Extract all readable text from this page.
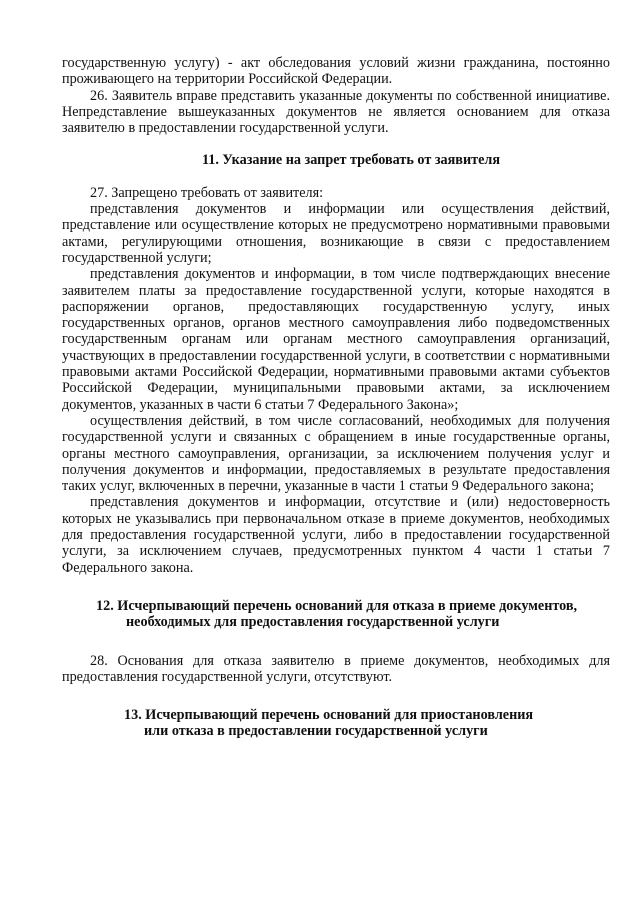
государственную услугу) - акт обследования условий жизни гражданина, постоянно проживающего на территории Российской Федерации.

26. Заявитель вправе представить указанные документы по собственной инициативе. Непредставление вышеуказанных документов не является основанием для отказа заявителю в предоставлении государственной услуги.

11. Указание на запрет требовать от заявителя

27. Запрещено требовать от заявителя:

представления документов и информации или осуществления действий, представление или осуществление которых не предусмотрено нормативными правовыми актами, регулирующими отношения, возникающие в связи с предоставлением государственной услуги;

представления документов и информации, в том числе подтверждающих внесение заявителем платы за предоставление государственной услуги, которые находятся в распоряжении органов, предоставляющих государственную услугу, иных государственных органов, органов местного самоуправления либо подведомственных государственным органам или органам местного самоуправления организаций, участвующих в предоставлении государственной услуги, в соответствии с нормативными правовыми актами Российской Федерации, нормативными правовыми актами субъектов Российской Федерации, муниципальными правовыми актами, за исключением документов, указанных в части 6 статьи 7 Федерального Закона»;

осуществления действий, в том числе согласований, необходимых для получения государственной услуги и связанных с обращением в иные государственные органы, органы местного самоуправления, организации, за исключением получения услуг и получения документов и информации, предоставляемых в результате предоставления таких услуг, включенных в перечни, указанные в части 1 статьи 9 Федерального закона;

представления документов и информации, отсутствие и (или) недостоверность которых не указывались при первоначальном отказе в приеме документов, необходимых для предоставления государственной услуги, либо в предоставлении государственной услуги, за исключением случаев, предусмотренных пунктом 4 части 1 статьи 7 Федерального закона.

12. Исчерпывающий перечень оснований для отказа в приеме документов,
необходимых для предоставления государственной услуги

28. Основания для отказа заявителю в приеме документов, необходимых для предоставления государственной услуги, отсутствуют.

13. Исчерпывающий перечень оснований для приостановления
или отказа в предоставлении государственной услуги
